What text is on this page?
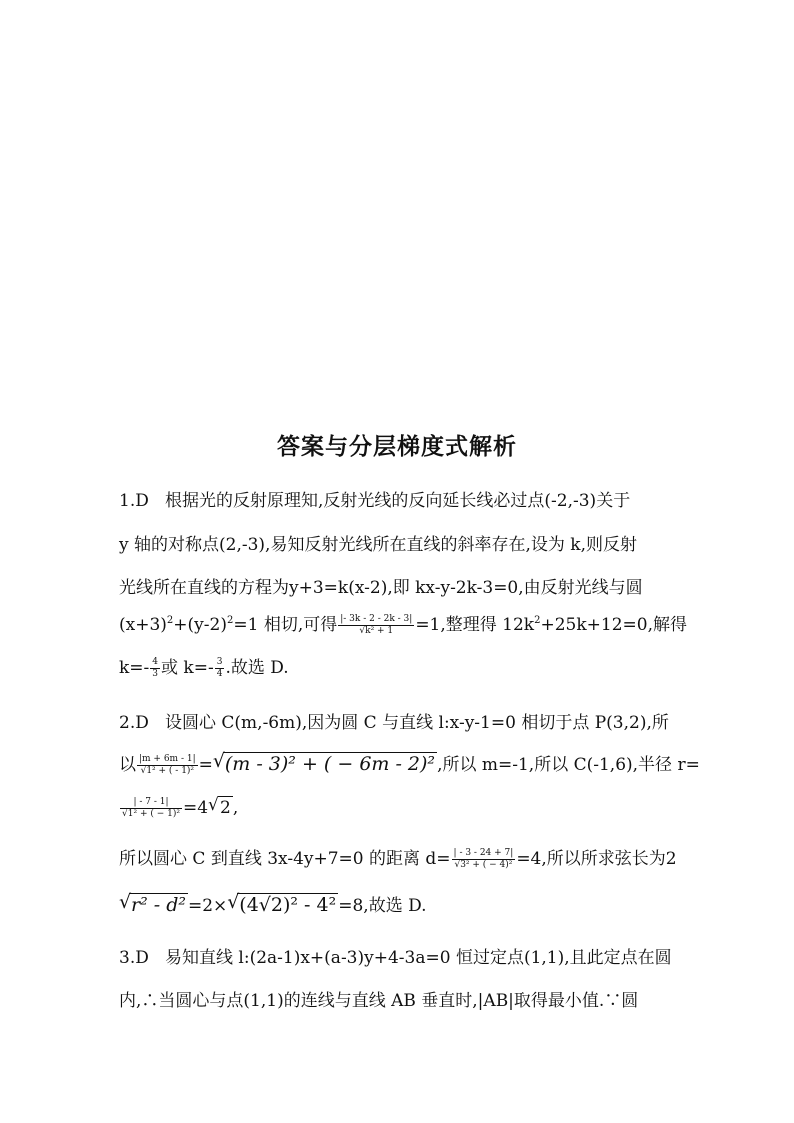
答案与分层梯度式解析
1.D 根据光的反射原理知,反射光线的反向延长线必过点(-2,-3)关于
y 轴的对称点(2,-3),易知反射光线所在直线的斜率存在,设为 k,则反射
光线所在直线的方程为y+3=k(x-2),即 kx-y-2k-3=0,由反射光线与圆
$(x+3)^2+(y-2)^2=1$ 相切,可得 $\frac{|- 3k - 2 - 2k - 3|}{\text{√k² + 1}} =1$,整理得 $12k^2+25k+12=0$,解得
$k=- \frac{4}{3}$ 或 $k=- \frac{3}{4}$ .故选 D.
2.D 设圆心 C(m,-6m),因为圆 C 与直线 l:x-y-1=0 相切于点 P(3,2),所
以 $\frac{|m + 6m - 1|}{\text{√1² + ( - 1)²}}$ = √ (m - 3)² + ( − 6m - 2)² ,所以 m=-1,所以 C(-1,6),半径 r=
$\frac{| - 7 - 1|}{\text{√1² + ( − 1)²}} =4$ √ 2 ,
所以圆心 C 到直线 3x-4y+7=0 的距离 $d= \frac{| - 3 - 24 + 7|}{\text{√3² + ( − 4)²}} =4$,所以所求弦长为2
√ r² - d² =2× √ (4√2)² - 4² =8,故选 D.
3.D 易知直线 l:(2a-1)x+(a-3)y+4-3a=0 恒过定点(1,1),且此定点在圆
内,∴当圆心与点(1,1)的连线与直线 AB 垂直时,|AB|取得最小值.∵圆
